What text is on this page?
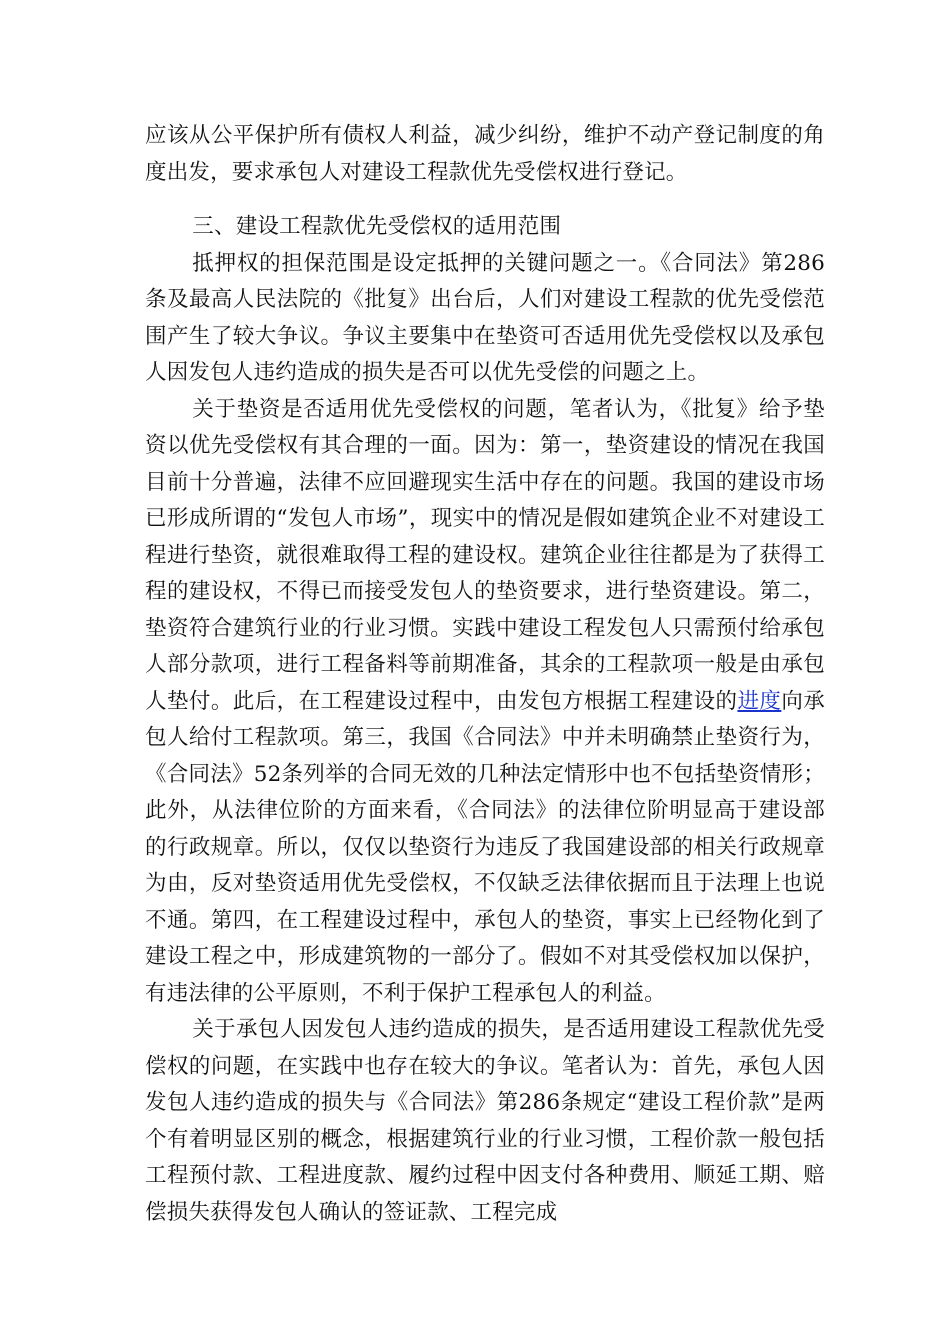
应该从公平保护所有债权人利益，减少纠纷，维护不动产登记制度的角度出发，要求承包人对建设工程款优先受偿权进行登记。

三、建设工程款优先受偿权的适用范围

抵押权的担保范围是设定抵押的关键问题之一。《合同法》第286条及最高人民法院的《批复》出台后，人们对建设工程款的优先受偿范围产生了较大争议。争议主要集中在垫资可否适用优先受偿权以及承包人因发包人违约造成的损失是否可以优先受偿的问题之上。

关于垫资是否适用优先受偿权的问题，笔者认为，《批复》给予垫资以优先受偿权有其合理的一面。因为：第一，垫资建设的情况在我国目前十分普遍，法律不应回避现实生活中存在的问题。我国的建设市场已形成所谓的“发包人市场”，现实中的情况是假如建筑企业不对建设工程进行垫资，就很难取得工程的建设权。建筑企业往往都是为了获得工程的建设权，不得已而接受发包人的垫资要求，进行垫资建设。第二，垫资符合建筑行业的行业习惯。实践中建设工程发包人只需预付给承包人部分款项，进行工程备料等前期准备，其余的工程款项一般是由承包人垫付。此后，在工程建设过程中，由发包方根据工程建设的进度向承包人给付工程款项。第三，我国《合同法》中并未明确禁止垫资行为，《合同法》52条列举的合同无效的几种法定情形中也不包括垫资情形；此外，从法律位阶的方面来看，《合同法》的法律位阶明显高于建设部的行政规章。所以，仅仅以垫资行为违反了我国建设部的相关行政规章为由，反对垫资适用优先受偿权，不仅缺乏法律依据而且于法理上也说不通。第四，在工程建设过程中，承包人的垫资，事实上已经物化到了建设工程之中，形成建筑物的一部分了。假如不对其受偿权加以保护，有违法律的公平原则，不利于保护工程承包人的利益。

关于承包人因发包人违约造成的损失，是否适用建设工程款优先受偿权的问题，在实践中也存在较大的争议。笔者认为：首先，承包人因发包人违约造成的损失与《合同法》第286条规定“建设工程价款”是两个有着明显区别的概念，根据建筑行业的行业习惯，工程价款一般包括工程预付款、工程进度款、履约过程中因支付各种费用、顺延工期、赔偿损失获得发包人确认的签证款、工程完成
